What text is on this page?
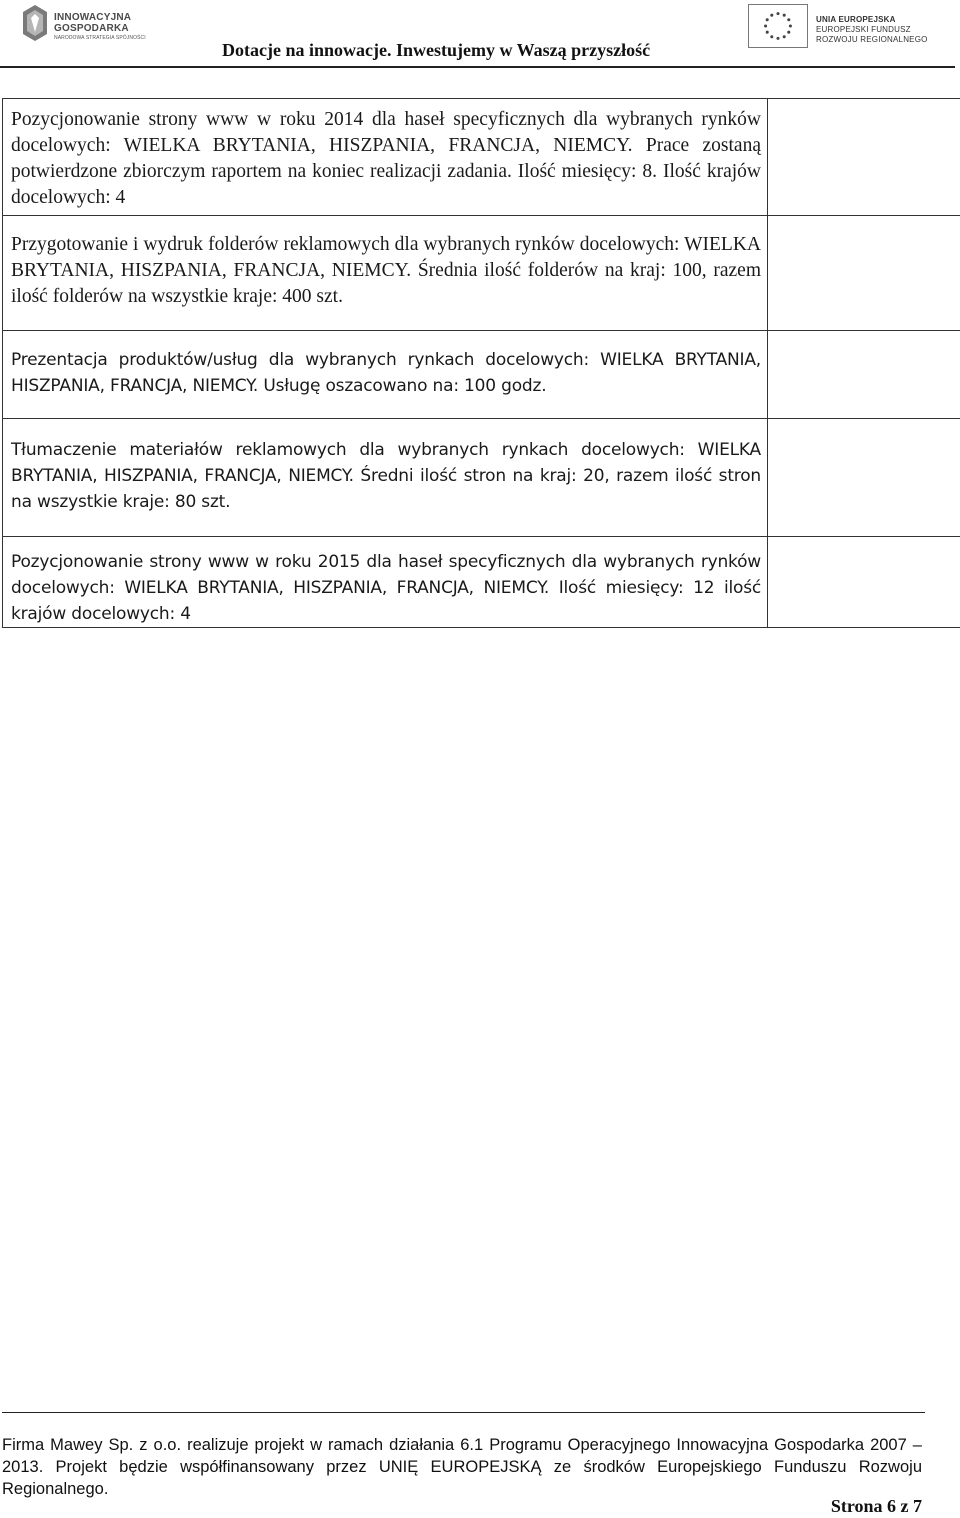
INNOWACYJNA
GOSPODARKA
NARODOWA STRATEGIA SPÓJNOŚCI
Dotacje na innowacje. Inwestujemy w Waszą przyszłość
UNIA EUROPEJSKA
EUROPEJSKI FUNDUSZ
ROZWOJU REGIONALNEGO

Pozycjonowanie strony www w roku 2014 dla haseł specyficznych dla wybranych rynków docelowych: WIELKA BRYTANIA, HISZPANIA, FRANCJA, NIEMCY. Prace zostaną potwierdzone zbiorczym raportem na koniec realizacji zadania. Ilość miesięcy: 8. Ilość krajów docelowych: 4	

Przygotowanie i wydruk folderów reklamowych dla wybranych rynków docelowych: WIELKA BRYTANIA, HISZPANIA, FRANCJA, NIEMCY. Średnia ilość folderów na kraj: 100, razem ilość folderów na wszystkie kraje: 400 szt.	

Prezentacja produktów/usług dla wybranych rynkach docelowych: WIELKA BRYTANIA, HISZPANIA, FRANCJA, NIEMCY. Usługę oszacowano na: 100 godz.	

Tłumaczenie materiałów reklamowych dla wybranych rynkach docelowych: WIELKA BRYTANIA, HISZPANIA, FRANCJA, NIEMCY. Średni ilość stron na kraj: 20, razem ilość stron na wszystkie kraje: 80 szt.	

Pozycjonowanie strony www w roku 2015 dla haseł specyficznych dla wybranych rynków docelowych: WIELKA BRYTANIA, HISZPANIA, FRANCJA, NIEMCY. Ilość miesięcy: 12 ilość krajów docelowych: 4	

Firma Mawey Sp. z o.o. realizuje projekt w ramach działania 6.1 Programu Operacyjnego Innowacyjna Gospodarka 2007 – 2013. Projekt będzie współfinansowany przez UNIĘ EUROPEJSKĄ ze środków Europejskiego Funduszu Rozwoju Regionalnego.

Strona 6 z 7
